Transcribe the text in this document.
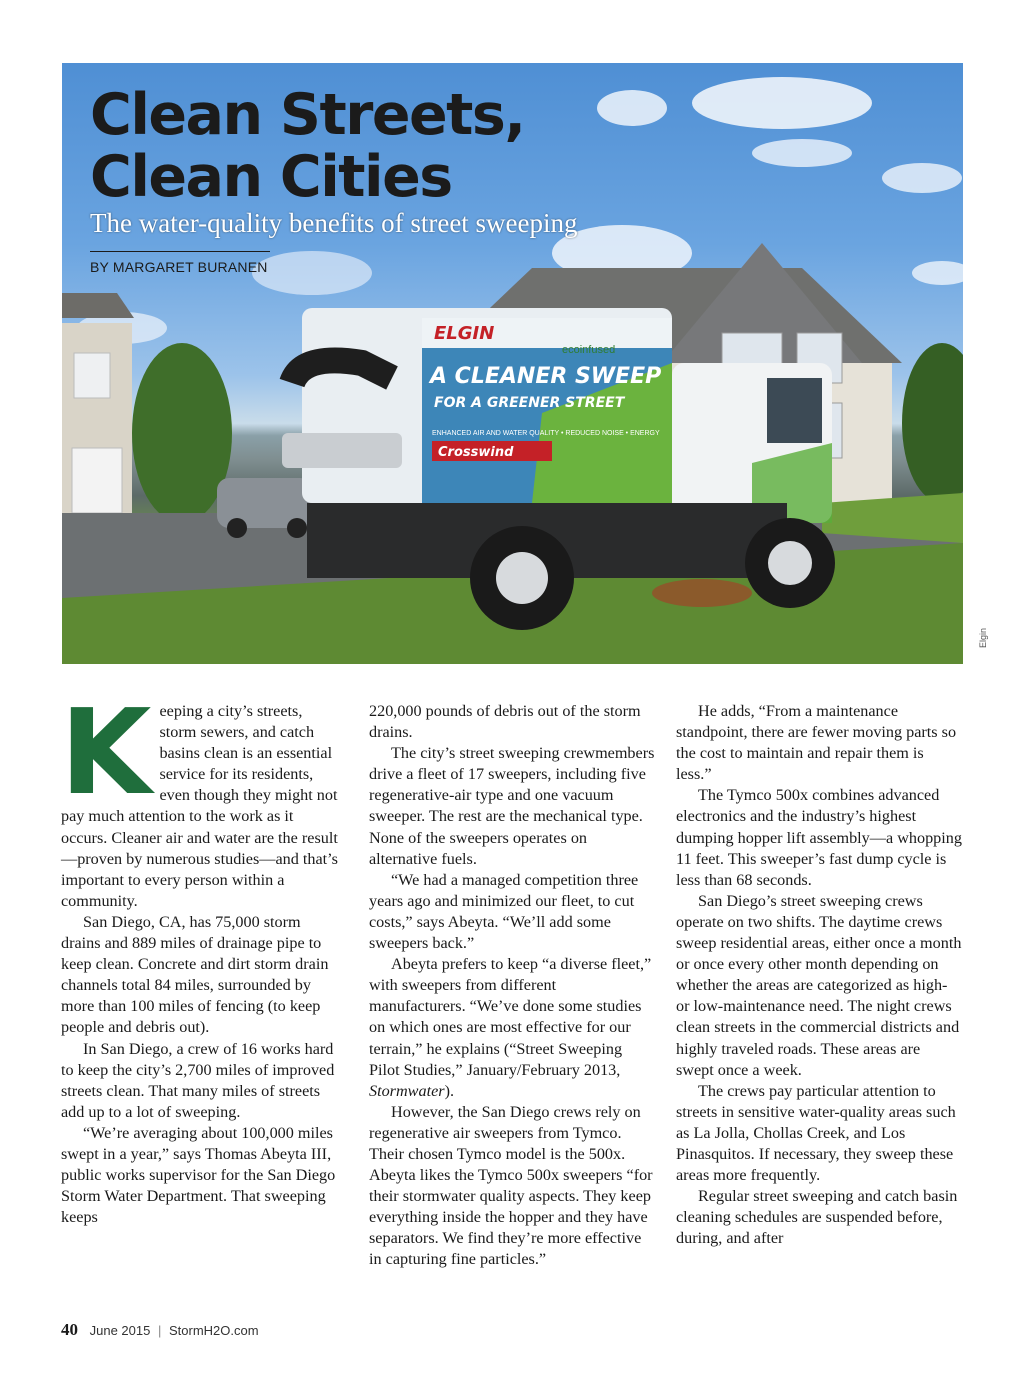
ELGIN
ecoinfused
A CLEANER SWEEP
FOR A GREENER STREET
ENHANCED AIR AND WATER QUALITY • REDUCED NOISE • ENERGY
Crosswind
Clean Streets,
Clean Cities

The water-quality benefits of street sweeping

BY MARGARET BURANEN

Elgin

K eeping a city’s streets, storm sewers, and catch basins clean is an essential service for its residents, even though they might not pay much attention to the work as it occurs. Cleaner air and water are the result—proven by numerous studies—and that’s important to every person within a community.

San Diego, CA, has 75,000 storm drains and 889 miles of drainage pipe to keep clean. Concrete and dirt storm drain channels total 84 miles, surrounded by more than 100 miles of fencing (to keep people and debris out).

In San Diego, a crew of 16 works hard to keep the city’s 2,700 miles of improved streets clean. That many miles of streets add up to a lot of sweeping.

“We’re averaging about 100,000 miles swept in a year,” says Thomas Abeyta III, public works supervisor for the San Diego Storm Water Department. That sweeping keeps

220,000 pounds of debris out of the storm drains.

The city’s street sweeping crewmembers drive a fleet of 17 sweepers, including five regenerative-air type and one vacuum sweeper. The rest are the mechanical type. None of the sweepers operates on alternative fuels.

“We had a managed competition three years ago and minimized our fleet, to cut costs,” says Abeyta. “We’ll add some sweepers back.”

Abeyta prefers to keep “a diverse fleet,” with sweepers from different manufacturers. “We’ve done some studies on which ones are most effective for our terrain,” he explains (“Street Sweeping Pilot Studies,” January/February 2013, Stormwater).

However, the San Diego crews rely on regenerative air sweepers from Tymco. Their chosen Tymco model is the 500x. Abeyta likes the Tymco 500x sweepers “for their stormwater quality aspects. They keep everything inside the hopper and they have separators. We find they’re more effective in capturing fine particles.”

He adds, “From a maintenance standpoint, there are fewer moving parts so the cost to maintain and repair them is less.”

The Tymco 500x combines advanced electronics and the industry’s highest dumping hopper lift assembly—a whopping 11 feet. This sweeper’s fast dump cycle is less than 68 seconds.

San Diego’s street sweeping crews operate on two shifts. The daytime crews sweep residential areas, either once a month or once every other month depending on whether the areas are categorized as high- or low-maintenance need. The night crews clean streets in the commercial districts and highly traveled roads. These areas are swept once a week.

The crews pay particular attention to streets in sensitive water-quality areas such as La Jolla, Chollas Creek, and Los Pinasquitos. If necessary, they sweep these areas more frequently.

Regular street sweeping and catch basin cleaning schedules are suspended before, during, and after

40 June 2015 | StormH2O.com
